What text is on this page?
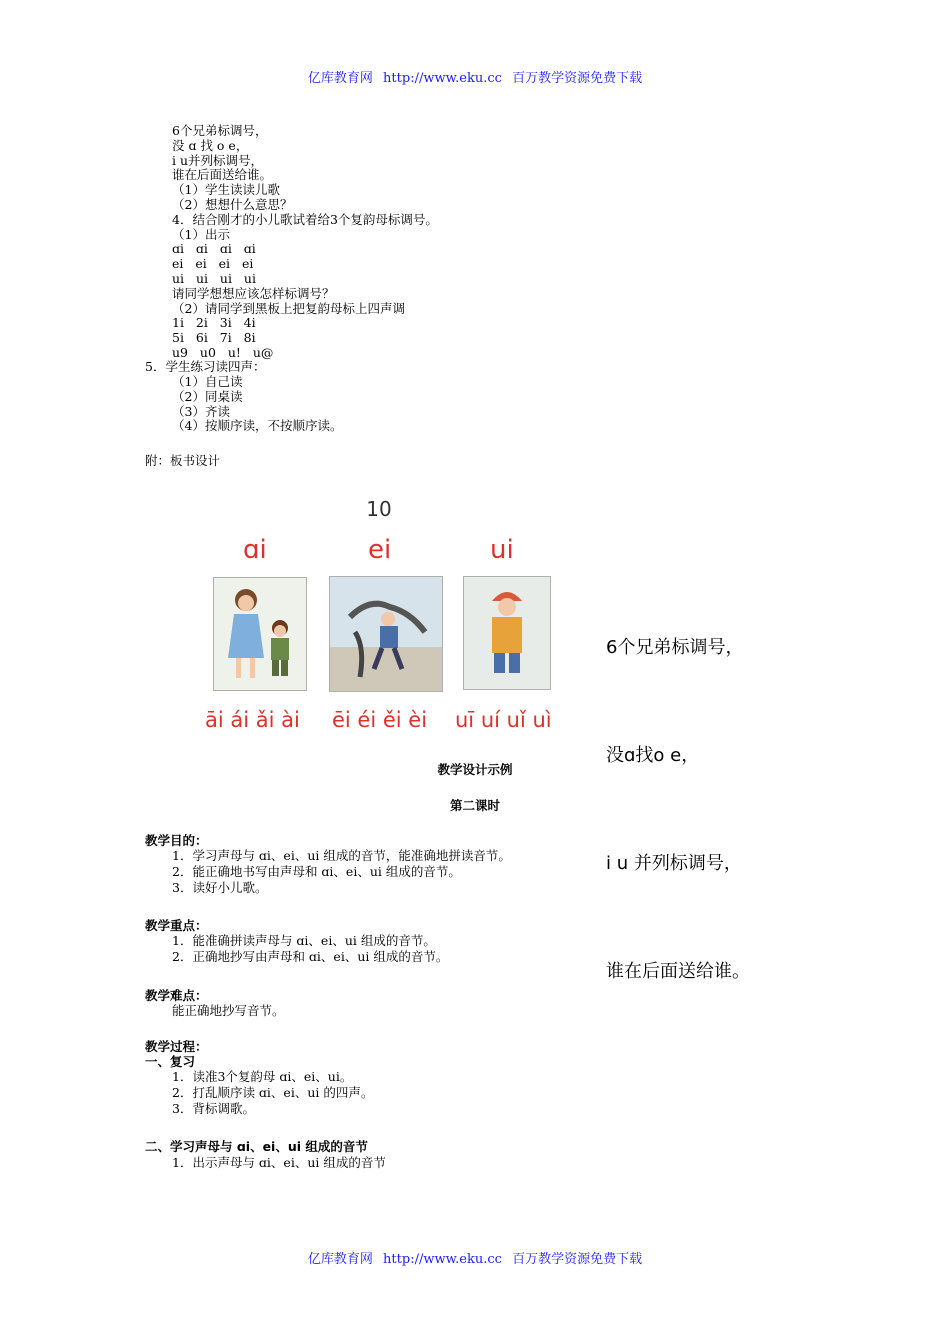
亿库教育网 http://www.eku.cc 百万教学资源免费下载
6个兄弟标调号，
没 ɑ 找 o e，
i u并列标调号，
谁在后面送给谁。
（1）学生读读儿歌
（2）想想什么意思？
4．结合刚才的小儿歌试着给3个复韵母标调号。
（1）出示
ɑi   ɑi   ɑi   ɑi
ei   ei   ei   ei
ui   ui   ui   ui
请同学想想应该怎样标调号？
（2）请同学到黑板上把复韵母标上四声调
1i   2i   3i   4i
5i   6i   7i   8i
u9   u0   u!   u@
5．学生练习读四声：
（1）自己读
（2）同桌读
（3）齐读
（4）按顺序读，不按顺序读。
附：板书设计
10
ɑi	ei	ui
āi ái ǎi ài ēi éi ěi èi uī uí uǐ uì

6个兄弟标调号，

没ɑ找o e，

i u 并列标调号，

谁在后面送给谁。

教学设计示例
第二课时
教学目的：
1．学习声母与 ɑi、ei、ui 组成的音节，能准确地拼读音节。
2．能正确地书写由声母和 ɑi、ei、ui 组成的音节。
3．读好小儿歌。
教学重点：
1．能准确拼读声母与 ɑi、ei、ui 组成的音节。
2．正确地抄写由声母和 ɑi、ei、ui 组成的音节。
教学难点：
能正确地抄写音节。
教学过程：
一、复习
1．读准3个复韵母 ɑi、ei、ui。
2．打乱顺序读 ɑi、ei、ui 的四声。
3．背标调歌。
二、学习声母与 ɑi、ei、ui 组成的音节
1．出示声母与 ɑi、ei、ui 组成的音节
亿库教育网 http://www.eku.cc 百万教学资源免费下载
